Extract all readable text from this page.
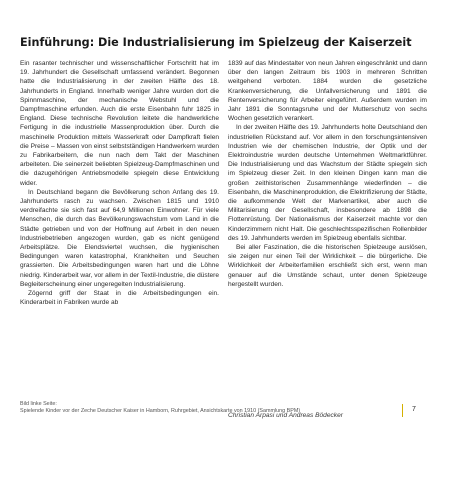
Einführung: Die Industrialisierung im Spielzeug der Kaiserzeit

Ein rasanter technischer und wissenschaftlicher Fortschritt hat im 19. Jahrhundert die Gesellschaft umfassend verändert. Begonnen hatte die Industrialisierung in der zweiten Hälfte des 18. Jahrhunderts in England. Innerhalb weniger Jahre wurden dort die Spinnmaschine, der mechanische Webstuhl und die Dampfmaschine erfunden. Auch die erste Eisenbahn fuhr 1825 in England. Diese technische Revolution leitete die handwerkliche Fertigung in die industrielle Massenproduktion über. Durch die maschinelle Produktion mittels Wasserkraft oder Dampfkraft fielen die Preise – Massen von einst selbstständigen Handwerkern wurden zu Fabrikarbeitern, die nun nach dem Takt der Maschinen arbeiteten. Die seinerzeit beliebten Spielzeug-Dampfmaschinen und die dazugehörigen Antriebsmodelle spiegeln diese Entwicklung wider.

In Deutschland begann die Bevölkerung schon Anfang des 19. Jahrhunderts rasch zu wachsen. Zwischen 1815 und 1910 verdreifachte sie sich fast auf 64,9 Millionen Einwohner. Für viele Menschen, die durch das Bevölkerungswachstum vom Land in die Städte getrieben und von der Hoffnung auf Arbeit in den neuen Industriebetrieben angezogen wurden, gab es nicht genügend Arbeitsplätze. Die Elendsviertel wuchsen, die hygienischen Bedingungen waren katastrophal, Krankheiten und Seuchen grassierten. Die Arbeitsbedingungen waren hart und die Löhne niedrig. Kinderarbeit war, vor allem in der Textil-Industrie, die düstere Begleiterscheinung einer ungeregelten Industrialisierung.

Zögernd griff der Staat in die Arbeitsbedingungen ein. Kinderarbeit in Fabriken wurde ab

1839 auf das Mindestalter von neun Jahren eingeschränkt und dann über den langen Zeitraum bis 1903 in mehreren Schritten weitgehend verboten. 1884 wurden die gesetzliche Krankenversicherung, die Unfallversicherung und 1891 die Rentenversicherung für Arbeiter eingeführt. Außerdem wurden im Jahr 1891 die Sonntagsruhe und der Mutterschutz von sechs Wochen gesetzlich verankert.

In der zweiten Hälfte des 19. Jahrhunderts holte Deutschland den industriellen Rückstand auf. Vor allem in den forschungsintensiven Industrien wie der chemischen Industrie, der Optik und der Elektroindustrie wurden deutsche Unternehmen Weltmarktführer. Die Industrialisierung und das Wachstum der Städte spiegeln sich im Spielzeug dieser Zeit. In den kleinen Dingen kann man die großen zeithistorischen Zusammenhänge wiederfinden – die Eisenbahn, die Maschinenproduktion, die Elektrifizierung der Städte, die aufkommende Welt der Markenartikel, aber auch die Militarisierung der Gesellschaft, insbesondere ab 1898 die Flottenrüstung. Der Nationalismus der Kaiserzeit machte vor den Kinderzimmern nicht Halt. Die geschlechtsspezifischen Rollenbilder des 19. Jahrhunderts werden im Spielzeug ebenfalls sichtbar.

Bei aller Faszination, die die historischen Spielzeuge auslösen, sie zeigen nur einen Teil der Wirklichkeit – die bürgerliche. Die Wirklichkeit der Arbeiterfamilien erschließt sich erst, wenn man genauer auf die Umstände schaut, unter denen Spielzeuge hergestellt wurden.

Christian Arpasi und Andreas Bödecker
Bild linke Seite:
Spielende Kinder vor der Zeche Deutscher Kaiser in Hamborn, Ruhrgebiet, Ansichtskarte von 1910 (Sammlung BPM)	7
